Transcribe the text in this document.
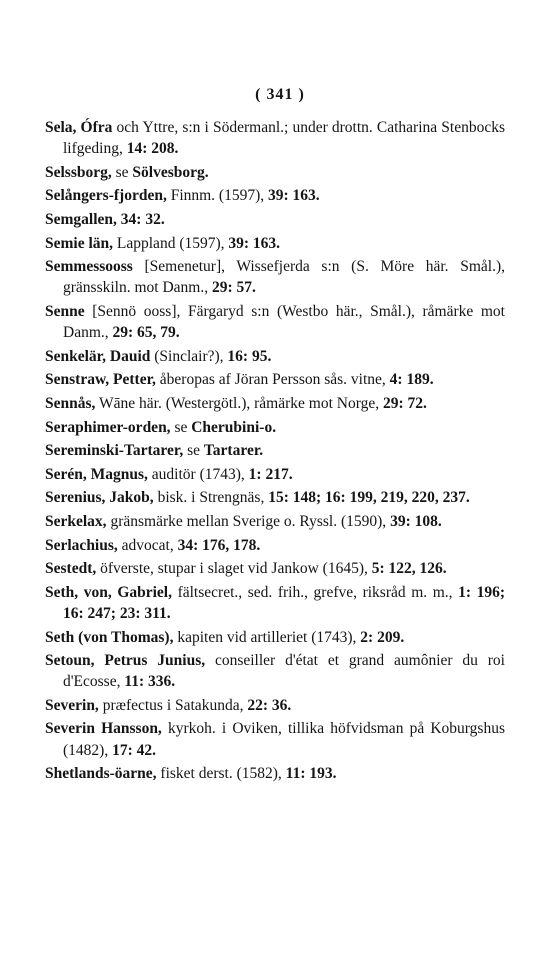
( 341 )
Sela, Ófra och Yttre, s:n i Södermanl.; under drottn. Catharina Stenbocks lifgeding, 14: 208.
Selssborg, se Sölvesborg.
Selångers-fjorden, Finnm. (1597), 39: 163.
Semgallen, 34: 32.
Semie län, Lappland (1597), 39: 163.
Semmessooss [Semenetur], Wissefjerda s:n (S. Möre här. Smål.), gränsskiln. mot Danm., 29: 57.
Senne [Sennö ooss], Färgaryd s:n (Westbo här., Smål.), råmärke mot Danm., 29: 65, 79.
Senkelär, Dauid (Sinclair?), 16: 95.
Senstraw, Petter, åberopas af Jöran Persson sås. vitne, 4: 189.
Sennås, Wāne här. (Westergötl.), råmärke mot Norge, 29: 72.
Seraphimer-orden, se Cherubini-o.
Sereminski-Tartarer, se Tartarer.
Serén, Magnus, auditör (1743), 1: 217.
Serenius, Jakob, bisk. i Strengnäs, 15: 148; 16: 199, 219, 220, 237.
Serkelax, gränsmärke mellan Sverige o. Ryssl. (1590), 39: 108.
Serlachius, advocat, 34: 176, 178.
Sestedt, öfverste, stupar i slaget vid Jankow (1645), 5: 122, 126.
Seth, von, Gabriel, fältsecret., sed. frih., grefve, riksråd m. m., 1: 196; 16: 247; 23: 311.
Seth (von Thomas), kapiten vid artilleriet (1743), 2: 209.
Setoun, Petrus Junius, conseiller d'état et grand aumônier du roi d'Ecosse, 11: 336.
Severin, præfectus i Satakunda, 22: 36.
Severin Hansson, kyrkoh. i Oviken, tillika höfvidsman på Koburgshus (1482), 17: 42.
Shetlands-öarne, fisket derst. (1582), 11: 193.
